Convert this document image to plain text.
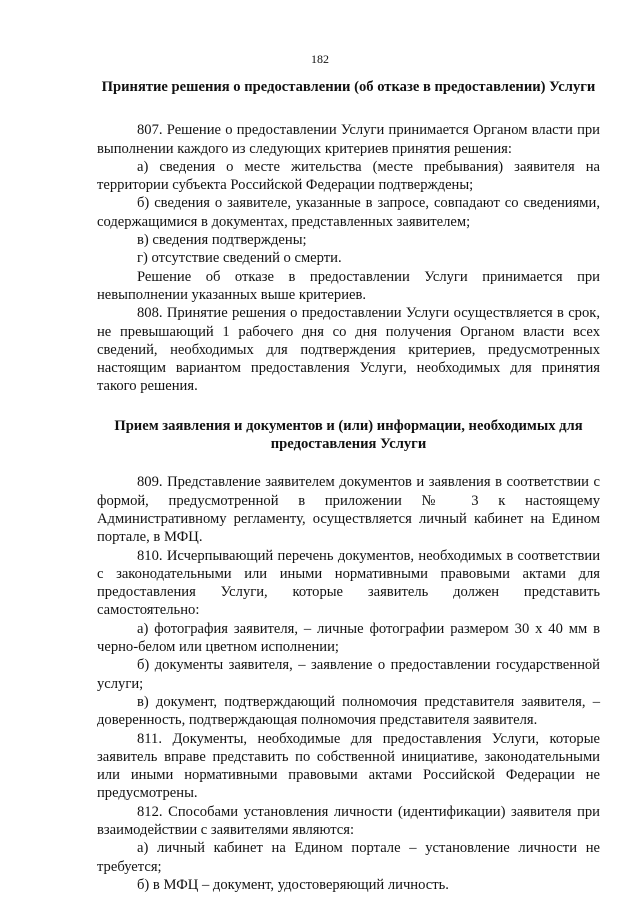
182
Принятие решения о предоставлении (об отказе в предоставлении) Услуги

807. Решение о предоставлении Услуги принимается Органом власти при выполнении каждого из следующих критериев принятия решения:

а) сведения о месте жительства (месте пребывания) заявителя на территории субъекта Российской Федерации подтверждены;

б) сведения о заявителе, указанные в запросе, совпадают со сведениями, содержащимися в документах, представленных заявителем;

в) сведения подтверждены;

г) отсутствие сведений о смерти.

Решение об отказе в предоставлении Услуги принимается при невыполнении указанных выше критериев.

808. Принятие решения о предоставлении Услуги осуществляется в срок, не превышающий 1 рабочего дня со дня получения Органом власти всех сведений, необходимых для подтверждения критериев, предусмотренных настоящим вариантом предоставления Услуги, необходимых для принятия такого решения.

Прием заявления и документов и (или) информации, необходимых для предоставления Услуги

809. Представление заявителем документов и заявления в соответствии с формой, предусмотренной в приложении № 3 к настоящему Административному регламенту, осуществляется личный кабинет на Едином портале, в МФЦ.

810. Исчерпывающий перечень документов, необходимых в соответствии с законодательными или иными нормативными правовыми актами для предоставления Услуги, которые заявитель должен представить самостоятельно:

а) фотография заявителя, – личные фотографии размером 30 х 40 мм в черно-белом или цветном исполнении;

б) документы заявителя, – заявление о предоставлении государственной услуги;

в) документ, подтверждающий полномочия представителя заявителя, – доверенность, подтверждающая полномочия представителя заявителя.

811. Документы, необходимые для предоставления Услуги, которые заявитель вправе представить по собственной инициативе, законодательными или иными нормативными правовыми актами Российской Федерации не предусмотрены.

812. Способами установления личности (идентификации) заявителя при взаимодействии с заявителями являются:

а) личный кабинет на Едином портале – установление личности не требуется;

б) в МФЦ – документ, удостоверяющий личность.
